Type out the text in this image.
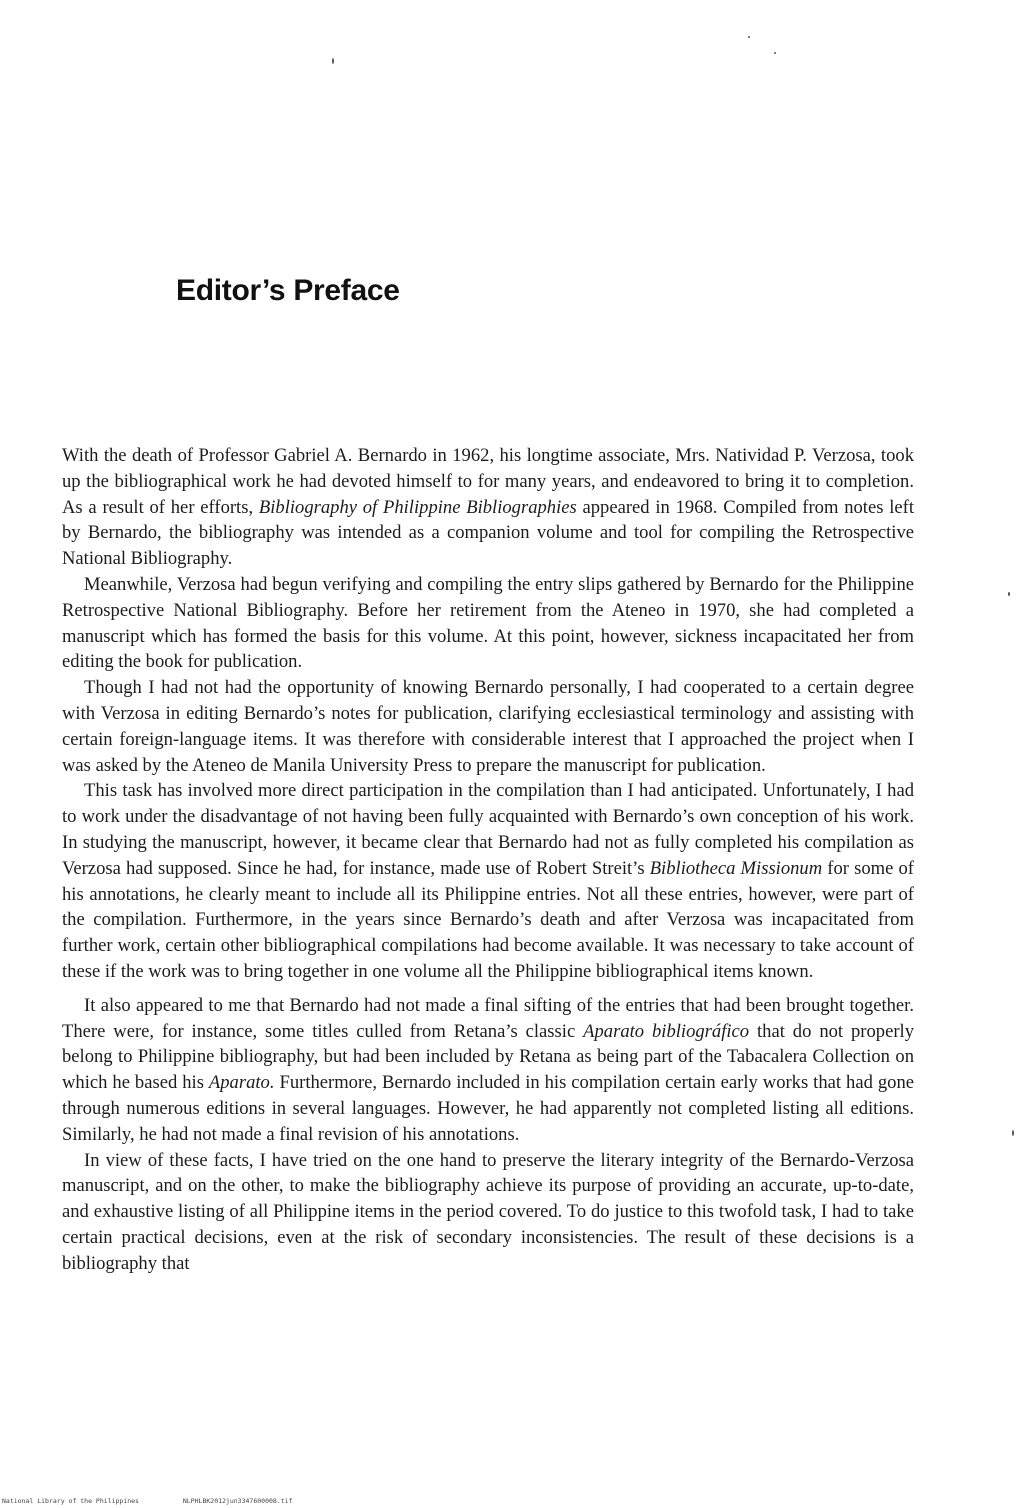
Editor’s Preface

With the death of Professor Gabriel A. Bernardo in 1962, his longtime associate, Mrs. Natividad P. Verzosa, took up the bibliographical work he had devoted himself to for many years, and endeavored to bring it to completion. As a result of her efforts, Bibliography of Philippine Bibliographies appeared in 1968. Compiled from notes left by Bernardo, the bibliography was intended as a companion volume and tool for compiling the Retrospective National Bibliography.

Meanwhile, Verzosa had begun verifying and compiling the entry slips gathered by Bernardo for the Philippine Retrospective National Bibliography. Before her retirement from the Ateneo in 1970, she had completed a manuscript which has formed the basis for this volume. At this point, however, sickness incapacitated her from editing the book for publication.

Though I had not had the opportunity of knowing Bernardo personally, I had cooperated to a certain degree with Verzosa in editing Bernardo’s notes for publication, clarifying ecclesiastical terminology and assisting with certain foreign-language items. It was therefore with considerable interest that I approached the project when I was asked by the Ateneo de Manila University Press to prepare the manuscript for publication.

This task has involved more direct participation in the compilation than I had anticipated. Unfortunately, I had to work under the disadvantage of not having been fully acquainted with Bernardo’s own conception of his work. In studying the manuscript, however, it became clear that Bernardo had not as fully completed his compilation as Verzosa had supposed. Since he had, for instance, made use of Robert Streit’s Bibliotheca Missionum for some of his annotations, he clearly meant to include all its Philippine entries. Not all these entries, however, were part of the compilation. Furthermore, in the years since Bernardo’s death and after Verzosa was incapacitated from further work, certain other bibliographical compilations had become available. It was necessary to take account of these if the work was to bring together in one volume all the Philippine bibliographical items known.

It also appeared to me that Bernardo had not made a final sifting of the entries that had been brought together. There were, for instance, some titles culled from Retana’s classic Aparato bibliográfico that do not properly belong to Philippine bibliography, but had been included by Retana as being part of the Tabacalera Collection on which he based his Aparato. Furthermore, Bernardo included in his compilation certain early works that had gone through numerous editions in several languages. However, he had apparently not completed listing all editions. Similarly, he had not made a final revision of his annotations.

In view of these facts, I have tried on the one hand to preserve the literary integrity of the Bernardo-Verzosa manuscript, and on the other, to make the bibliography achieve its purpose of providing an accurate, up-to-date, and exhaustive listing of all Philippine items in the period covered. To do justice to this twofold task, I had to take certain practical decisions, even at the risk of secondary inconsistencies. The result of these decisions is a bibliography that

National Library of the Philippines	NLPHLBK2012jun3347600008.tif
